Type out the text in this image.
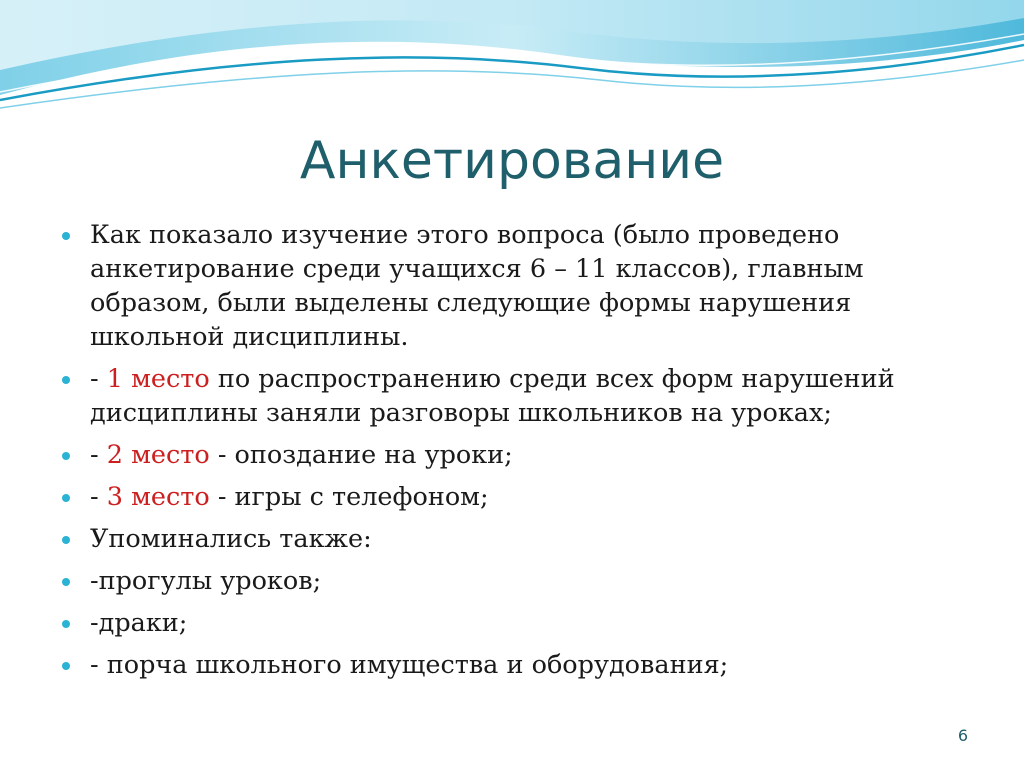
Анкетирование
Как показало изучение этого вопроса (было проведено анкетирование среди учащихся 6 – 11 классов), главным образом, были выделены следующие формы нарушения школьной дисциплины.
- 1 место по распространению среди всех форм нарушений дисциплины заняли разговоры школьников на уроках;
- 2 место - опоздание на уроки;
- 3 место - игры с телефоном;
Упоминались также:
-прогулы уроков;
-драки;
- порча школьного имущества и оборудования;
6
